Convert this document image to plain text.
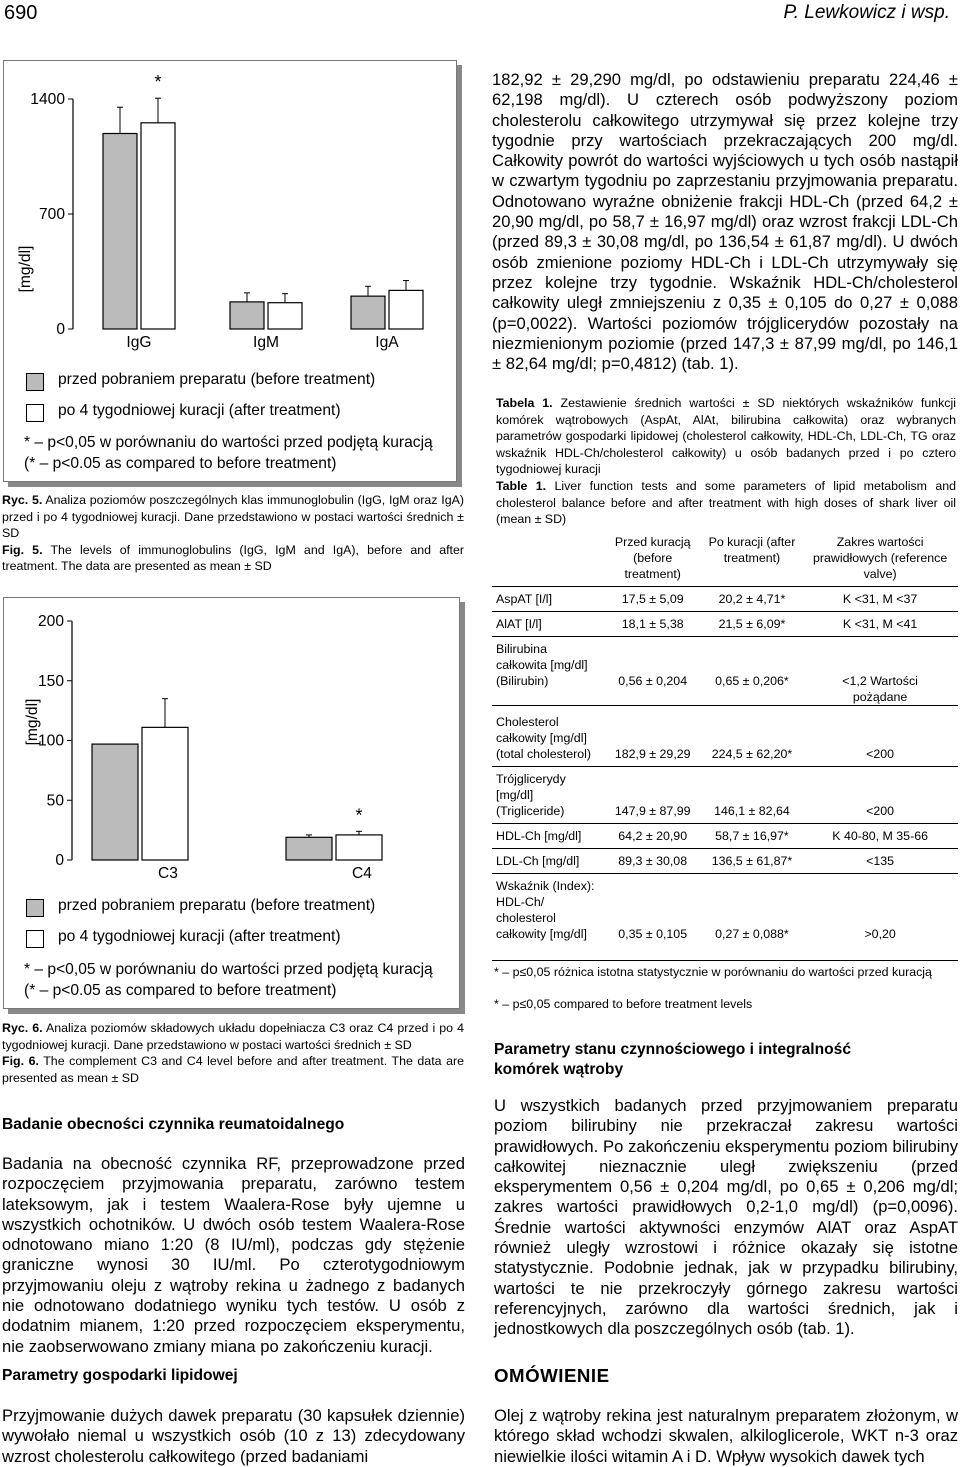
690	P. Lewkowicz i wsp.
[mg/dl]
0
700
1400
*
IgG	IgM	IgA
przed pobraniem preparatu (before treatment)
po 4 tygodniowej kuracji (after treatment)
* – p<0,05 w porównaniu do wartości przed podjętą kuracją
(* – p<0.05 as compared to before treatment)
Ryc. 5. Analiza poziomów poszczególnych klas immunoglobulin (IgG, IgM oraz IgA) przed i po 4 tygodniowej kuracji. Dane przedstawiono w postaci wartości średnich ± SD
Fig. 5. The levels of immunoglobulins (IgG, IgM and IgA), before and after treatment. The data are presented as mean ± SD
[mg/dl]
0
50
100
150
200
*
C3	C4
przed pobraniem preparatu (before treatment)
po 4 tygodniowej kuracji (after treatment)
* – p<0,05 w porównaniu do wartości przed podjętą kuracją
(* – p<0.05 as compared to before treatment)
Ryc. 6. Analiza poziomów składowych układu dopełniacza C3 oraz C4 przed i po 4 tygodniowej kuracji. Dane przedstawiono w postaci wartości średnich ± SD
Fig. 6. The complement C3 and C4 level before and after treatment. The data are presented as mean ± SD
Badanie obecności czynnika reumatoidalnego
Badania na obecność czynnika RF, przeprowadzone przed rozpoczęciem przyjmowania preparatu, zarówno testem lateksowym, jak i testem Waalera-Rose były ujemne u wszystkich ochotników. U dwóch osób testem Waalera-Rose odnotowano miano 1:20 (8 IU/ml), podczas gdy stężenie graniczne wynosi 30 IU/ml. Po czterotygodniowym przyjmowaniu oleju z wątroby rekina u żadnego z badanych nie odnotowano dodatniego wyniku tych testów. U osób z dodatnim mianem, 1:20 przed rozpoczęciem eksperymentu, nie zaobserwowano zmiany miana po zakończeniu kuracji.
Parametry gospodarki lipidowej
Przyjmowanie dużych dawek preparatu (30 kapsułek dziennie) wywołało niemal u wszystkich osób (10 z 13) zdecydowany wzrost cholesterolu całkowitego (przed badaniami
182,92 ± 29,290 mg/dl, po odstawieniu preparatu 224,46 ± 62,198 mg/dl). U czterech osób podwyższony poziom cholesterolu całkowitego utrzymywał się przez kolejne trzy tygodnie przy wartościach przekraczających 200 mg/dl. Całkowity powrót do wartości wyjściowych u tych osób nastąpił w czwartym tygodniu po zaprzestaniu przyjmowania preparatu. Odnotowano wyraźne obniżenie frakcji HDL-Ch (przed 64,2 ± 20,90 mg/dl, po 58,7 ± 16,97 mg/dl) oraz wzrost frakcji LDL-Ch (przed 89,3 ± 30,08 mg/dl, po 136,54 ± 61,87 mg/dl). U dwóch osób zmienione poziomy HDL-Ch i LDL-Ch utrzymywały się przez kolejne trzy tygodnie. Wskaźnik HDL-Ch/cholesterol całkowity uległ zmniejszeniu z 0,35 ± 0,105 do 0,27 ± 0,088 (p=0,0022). Wartości poziomów trójglicerydów pozostały na niezmienionym poziomie (przed 147,3 ± 87,99 mg/dl, po 146,1 ± 82,64 mg/dl; p=0,4812) (tab. 1).
Tabela 1. Zestawienie średnich wartości ± SD niektórych wskaźników funkcji komórek wątrobowych (AspAt, AlAt, bilirubina całkowita) oraz wybranych parametrów gospodarki lipidowej (cholesterol całkowity, HDL-Ch, LDL-Ch, TG oraz wskaźnik HDL-Ch/cholesterol całkowity) u osób badanych przed i po cztero tygodniowej kuracji
Table 1. Liver function tests and some parameters of lipid metabolism and cholesterol balance before and after treatment with high doses of shark liver oil (mean ± SD)
	Przed kuracją (before treatment)	Po kuracji (after treatment)	Zakres wartości prawidłowych (reference valve)
AspAT [I/l]	17,5 ± 5,09	20,2 ± 4,71*	K <31, M <37
AlAT [I/l]	18,1 ± 5,38	21,5 ± 6,09*	K <31, M <41
Bilirubina całkowita [mg/dl] (Bilirubin)	0,56 ± 0,204	0,65 ± 0,206*	<1,2 Wartości pożądane
Cholesterol całkowity [mg/dl] (total cholesterol)	182,9 ± 29,29	224,5 ± 62,20*	<200
Trójglicerydy [mg/dl] (Trigliceride)	147,9 ± 87,99	146,1 ± 82,64	<200
HDL-Ch [mg/dl]	64,2 ± 20,90	58,7 ± 16,97*	K 40-80, M 35-66
LDL-Ch [mg/dl]	89,3 ± 30,08	136,5 ± 61,87*	<135
Wskaźnik (Index): HDL-Ch/ cholesterol całkowity [mg/dl]	0,35 ± 0,105	0,27 ± 0,088*	>0,20
* – p≤0,05 różnica istotna statystycznie w porównaniu do wartości przed kuracją
* – p≤0,05 compared to before treatment levels
Parametry stanu czynnościowego i integralność komórek wątroby
U wszystkich badanych przed przyjmowaniem preparatu poziom bilirubiny nie przekraczał zakresu wartości prawidłowych. Po zakończeniu eksperymentu poziom bilirubiny całkowitej nieznacznie uległ zwiększeniu (przed eksperymentem 0,56 ± 0,204 mg/dl, po 0,65 ± 0,206 mg/dl; zakres wartości prawidłowych 0,2-1,0 mg/dl) (p=0,0096). Średnie wartości aktywności enzymów AlAT oraz AspAT również uległy wzrostowi i różnice okazały się istotne statystycznie. Podobnie jednak, jak w przypadku bilirubiny, wartości te nie przekroczyły górnego zakresu wartości referencyjnych, zarówno dla wartości średnich, jak i jednostkowych dla poszczególnych osób (tab. 1).
OMÓWIENIE
Olej z wątroby rekina jest naturalnym preparatem złożonym, w którego skład wchodzi skwalen, alkiloglicerole, WKT n-3 oraz niewielkie ilości witamin A i D. Wpływ wysokich dawek tych
